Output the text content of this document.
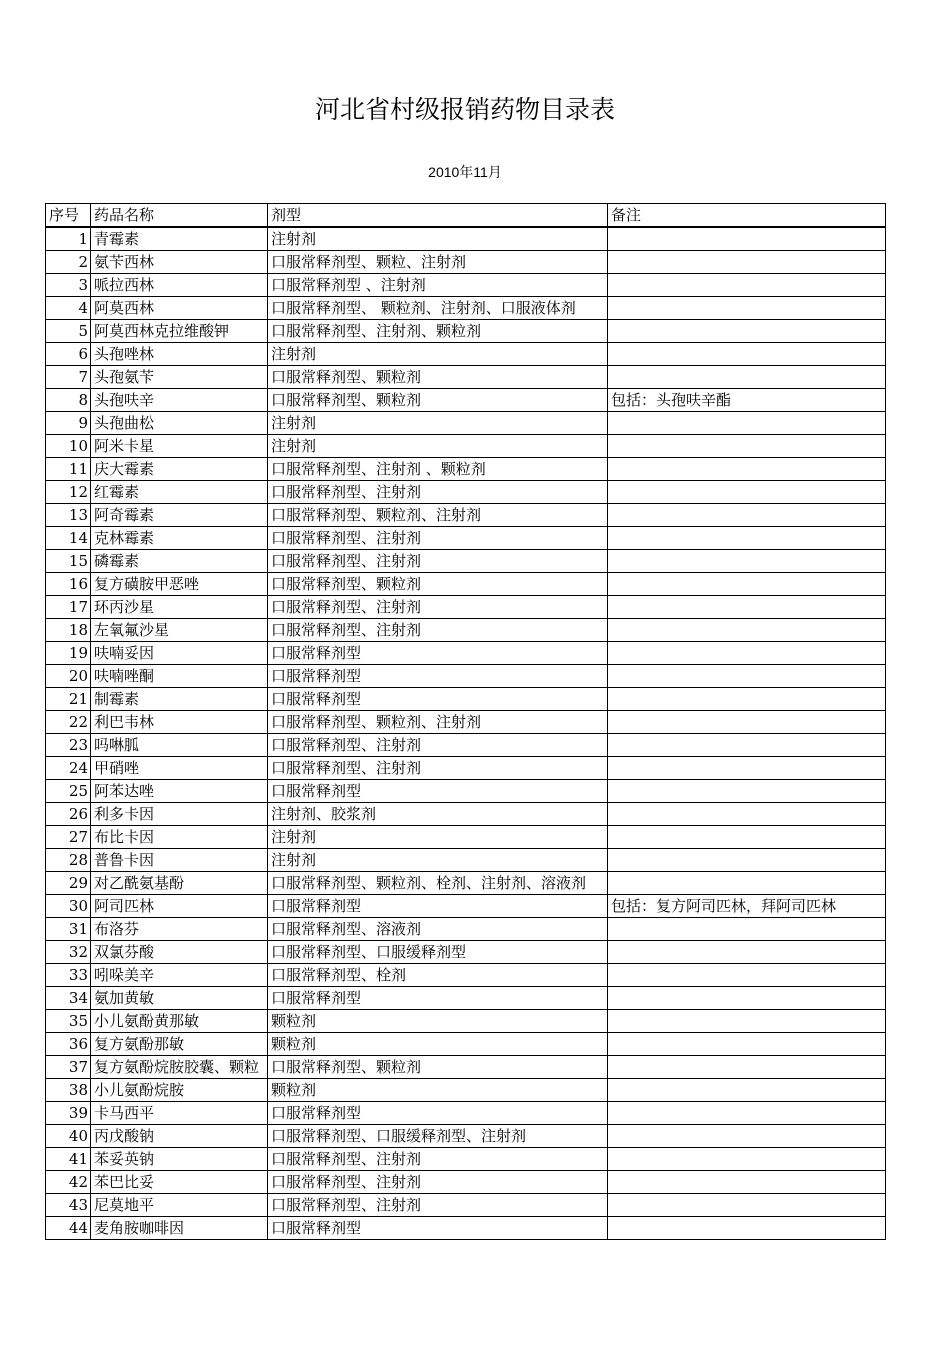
河北省村级报销药物目录表
2010年11月
序号	药品名称	剂型	备注
1	青霉素	注射剂	
2	氨苄西林	口服常释剂型、颗粒、注射剂	
3	哌拉西林	口服常释剂型 、注射剂	
4	阿莫西林	口服常释剂型、 颗粒剂、注射剂、口服液体剂	
5	阿莫西林克拉维酸钾	口服常释剂型、注射剂、颗粒剂	
6	头孢唑林	注射剂	
7	头孢氨苄	口服常释剂型、颗粒剂	
8	头孢呋辛	口服常释剂型、颗粒剂	包括：头孢呋辛酯
9	头孢曲松	注射剂	
10	阿米卡星	注射剂	
11	庆大霉素	口服常释剂型、注射剂 、颗粒剂	
12	红霉素	口服常释剂型、注射剂	
13	阿奇霉素	口服常释剂型、颗粒剂、注射剂	
14	克林霉素	口服常释剂型、注射剂	
15	磷霉素	口服常释剂型、注射剂	
16	复方磺胺甲恶唑	口服常释剂型、颗粒剂	
17	环丙沙星	口服常释剂型、注射剂	
18	左氧氟沙星	口服常释剂型、注射剂	
19	呋喃妥因	口服常释剂型	
20	呋喃唑酮	口服常释剂型	
21	制霉素	口服常释剂型	
22	利巴韦林	口服常释剂型、颗粒剂、注射剂	
23	吗啉胍	口服常释剂型、注射剂	
24	甲硝唑	口服常释剂型、注射剂	
25	阿苯达唑	口服常释剂型	
26	利多卡因	注射剂、胶浆剂	
27	布比卡因	注射剂	
28	普鲁卡因	注射剂	
29	对乙酰氨基酚	口服常释剂型、颗粒剂、栓剂、注射剂、溶液剂	
30	阿司匹林	口服常释剂型	包括：复方阿司匹林，拜阿司匹林
31	布洛芬	口服常释剂型、溶液剂	
32	双氯芬酸	口服常释剂型、口服缓释剂型	
33	吲哚美辛	口服常释剂型、栓剂	
34	氨加黄敏	口服常释剂型	
35	小儿氨酚黄那敏	颗粒剂	
36	复方氨酚那敏	颗粒剂	
37	复方氨酚烷胺胶囊、颗粒	口服常释剂型、颗粒剂	
38	小儿氨酚烷胺	颗粒剂	
39	卡马西平	口服常释剂型	
40	丙戊酸钠	口服常释剂型、口服缓释剂型、注射剂	
41	苯妥英钠	口服常释剂型、注射剂	
42	苯巴比妥	口服常释剂型、注射剂	
43	尼莫地平	口服常释剂型、注射剂	
44	麦角胺咖啡因	口服常释剂型	
